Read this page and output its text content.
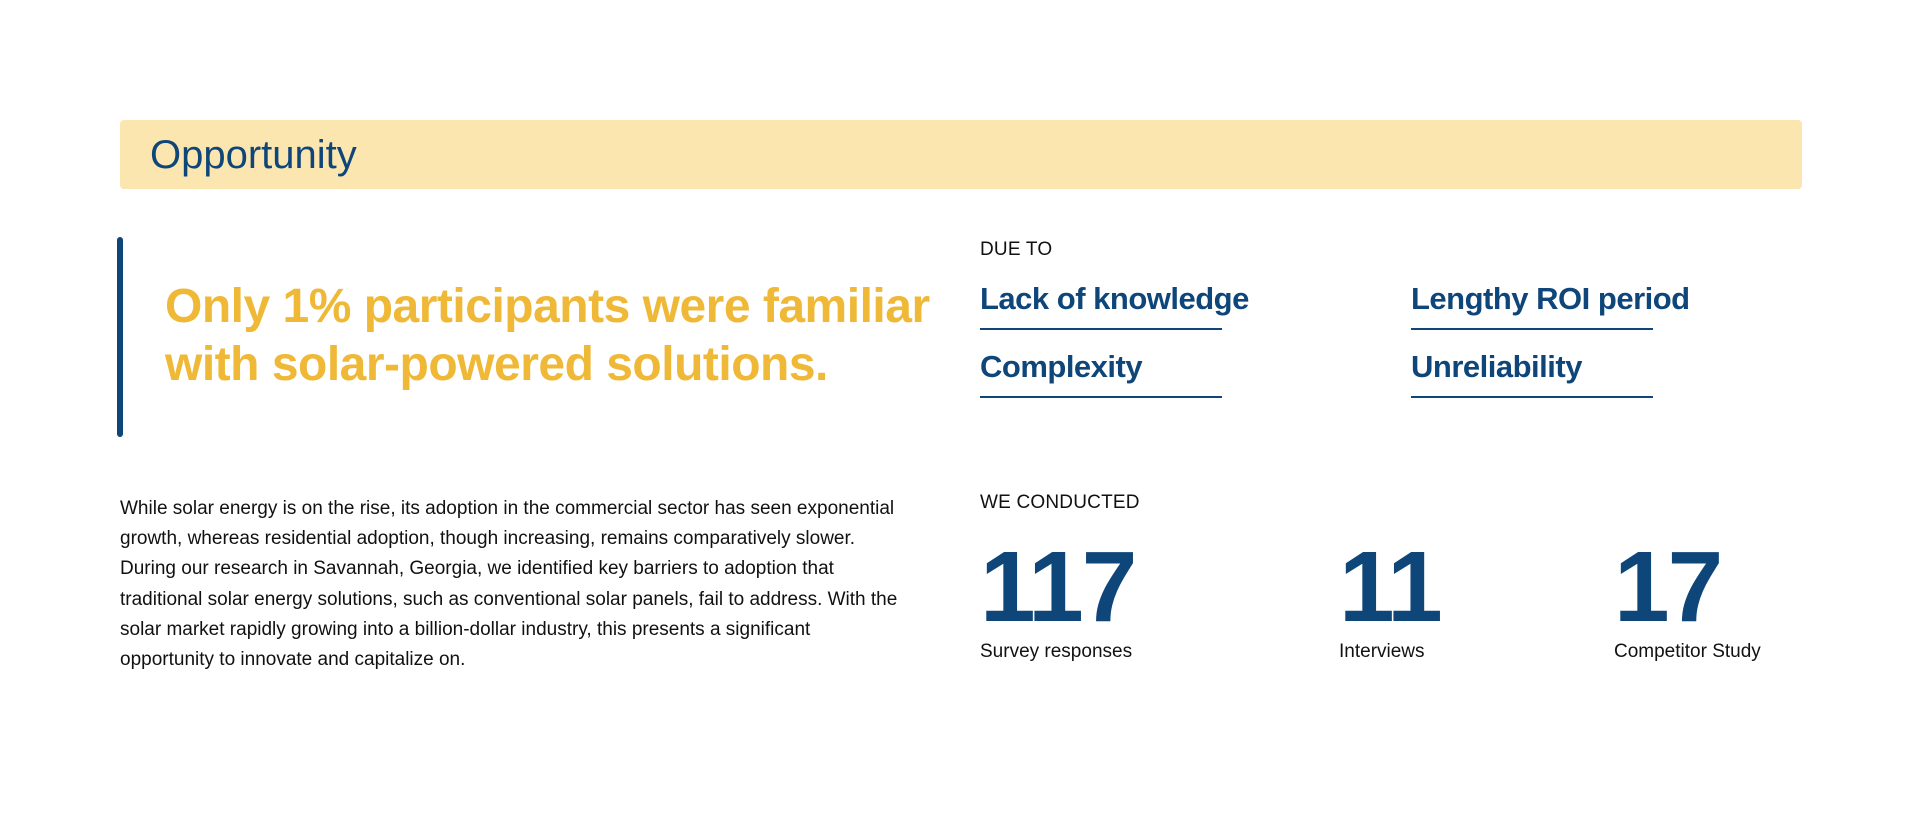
Opportunity
Only 1% participants were familiar
with solar-powered solutions.
While solar energy is on the rise, its adoption in the commercial sector has seen exponential
growth, whereas residential adoption, though increasing, remains comparatively slower.
During our research in Savannah, Georgia, we identified key barriers to adoption that
traditional solar energy solutions, such as conventional solar panels, fail to address. With the
solar market rapidly growing into a billion-dollar industry, this presents a significant
opportunity to innovate and capitalize on.
DUE TO
Lack of knowledge	Lengthy ROI period
Complexity	Unreliability
WE CONDUCTED
117
Survey responses
11
Interviews
17
Competitor Study
